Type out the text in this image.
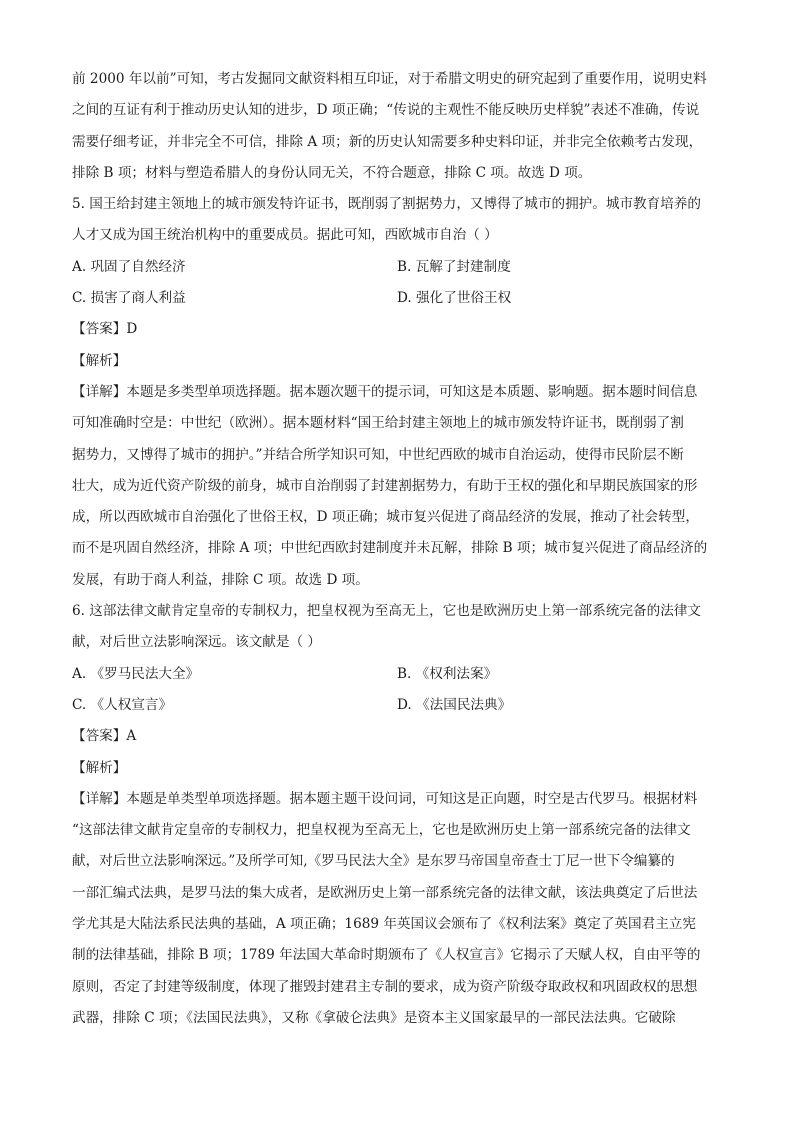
前 2000 年以前”可知，考古发掘同文献资料相互印证，对于希腊文明史的研究起到了重要作用，说明史料
之间的互证有利于推动历史认知的进步，D 项正确；“传说的主观性不能反映历史样貌”表述不准确，传说
需要仔细考证，并非完全不可信，排除 A 项；新的历史认知需要多种史料印证，并非完全依赖考古发现，
排除 B 项；材料与塑造希腊人的身份认同无关，不符合题意，排除 C 项。故选 D 项。
5. 国王给封建主领地上的城市颁发特许证书，既削弱了割据势力，又博得了城市的拥护。城市教育培养的
人才又成为国王统治机构中的重要成员。据此可知，西欧城市自治（ ）
A. 巩固了自然经济	B. 瓦解了封建制度
C. 损害了商人利益	D. 强化了世俗王权
【答案】D
【解析】
【详解】本题是多类型单项选择题。据本题次题干的提示词，可知这是本质题、影响题。据本题时间信息
可知准确时空是：中世纪（欧洲）。据本题材料“国王给封建主领地上的城市颁发特许证书，既削弱了割
据势力，又博得了城市的拥护。”并结合所学知识可知，中世纪西欧的城市自治运动，使得市民阶层不断
壮大，成为近代资产阶级的前身，城市自治削弱了封建割据势力，有助于王权的强化和早期民族国家的形
成，所以西欧城市自治强化了世俗王权，D 项正确；城市复兴促进了商品经济的发展，推动了社会转型，
而不是巩固自然经济，排除 A 项；中世纪西欧封建制度并未瓦解，排除 B 项；城市复兴促进了商品经济的
发展，有助于商人利益，排除 C 项。故选 D 项。
6. 这部法律文献肯定皇帝的专制权力，把皇权视为至高无上，它也是欧洲历史上第一部系统完备的法律文
献，对后世立法影响深远。该文献是（ ）
A. 《罗马民法大全》	B. 《权利法案》
C. 《人权宣言》	D. 《法国民法典》
【答案】A
【解析】
【详解】本题是单类型单项选择题。据本题主题干设问词，可知这是正向题，时空是古代罗马。根据材料
“这部法律文献肯定皇帝的专制权力，把皇权视为至高无上，它也是欧洲历史上第一部系统完备的法律文
献，对后世立法影响深远。”及所学可知,《罗马民法大全》是东罗马帝国皇帝查士丁尼一世下令编纂的
一部汇编式法典，是罗马法的集大成者，是欧洲历史上第一部系统完备的法律文献，该法典奠定了后世法
学尤其是大陆法系民法典的基础，A 项正确；1689 年英国议会颁布了《权利法案》奠定了英国君主立宪
制的法律基础，排除 B 项；1789 年法国大革命时期颁布了《人权宣言》它揭示了天赋人权，自由平等的
原则，否定了封建等级制度，体现了摧毁封建君主专制的要求，成为资产阶级夺取政权和巩固政权的思想
武器，排除 C 项；《法国民法典》，又称《拿破仑法典》是资本主义国家最早的一部民法法典。它破除
